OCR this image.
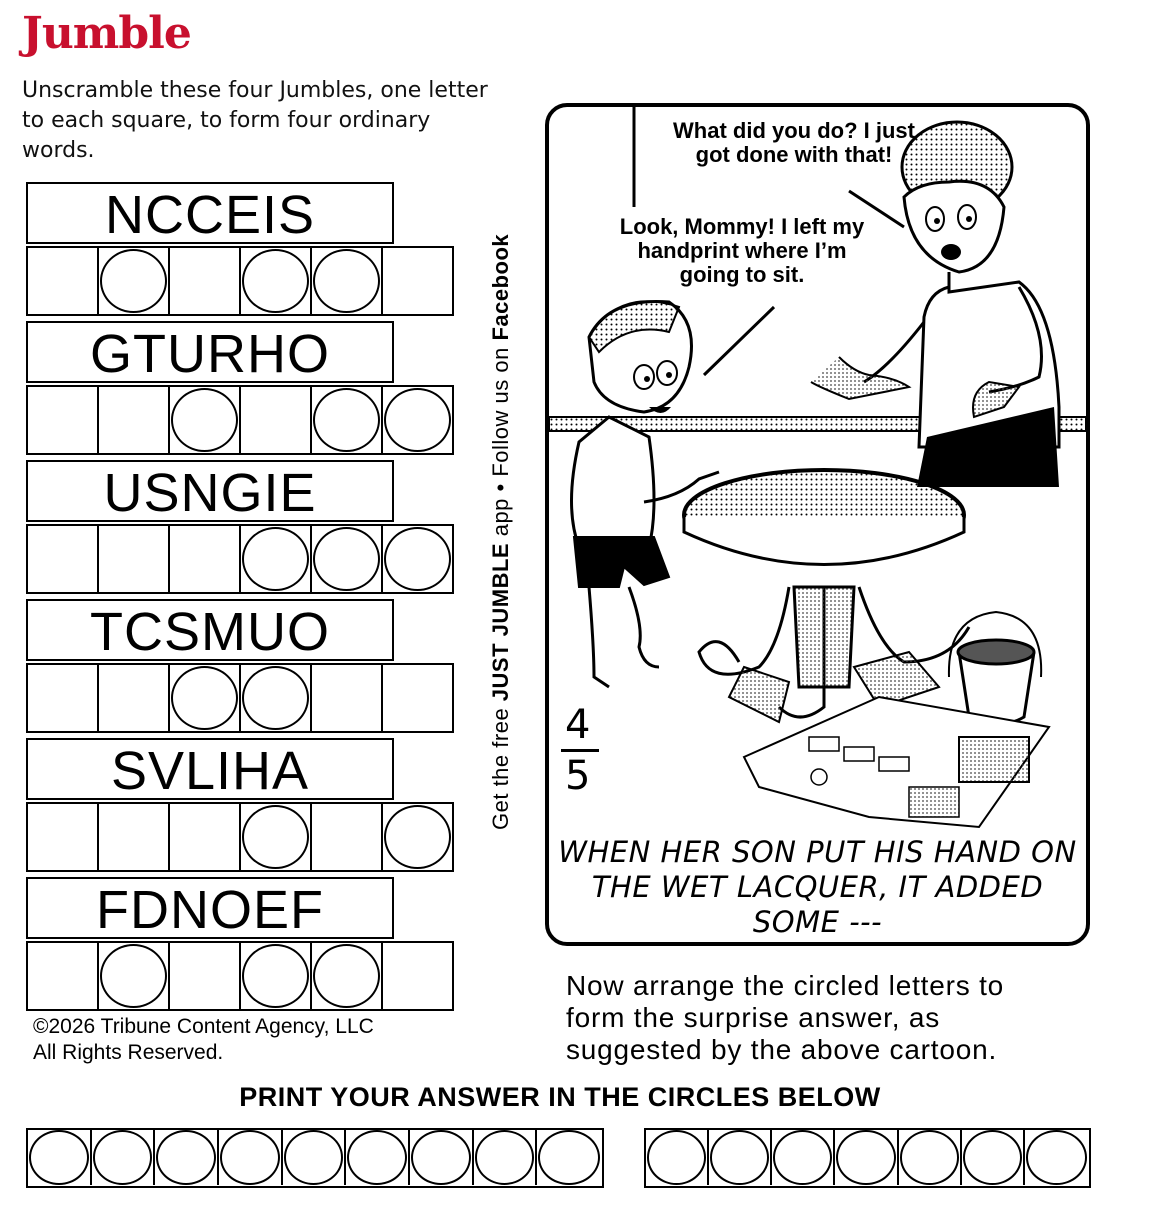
Jumble
Unscramble these four Jumbles, one letter to each square, to form four ordinary words.
NCCEIS
GTURHO
USNGIE
TCSMUO
SVLIHA
FDNOEF
Get the free JUST JUMBLE app • Follow us on Facebook
What did you do? I just got done with that!
Look, Mommy! I left my handprint where I’m going to sit.
4
5
WHEN HER SON PUT HIS HAND ON THE WET LACQUER, IT ADDED SOME ---
Now arrange the circled letters to form the surprise answer, as suggested by the above cartoon.
©2026 Tribune Content Agency, LLC
All Rights Reserved.
PRINT YOUR ANSWER IN THE CIRCLES BELOW
